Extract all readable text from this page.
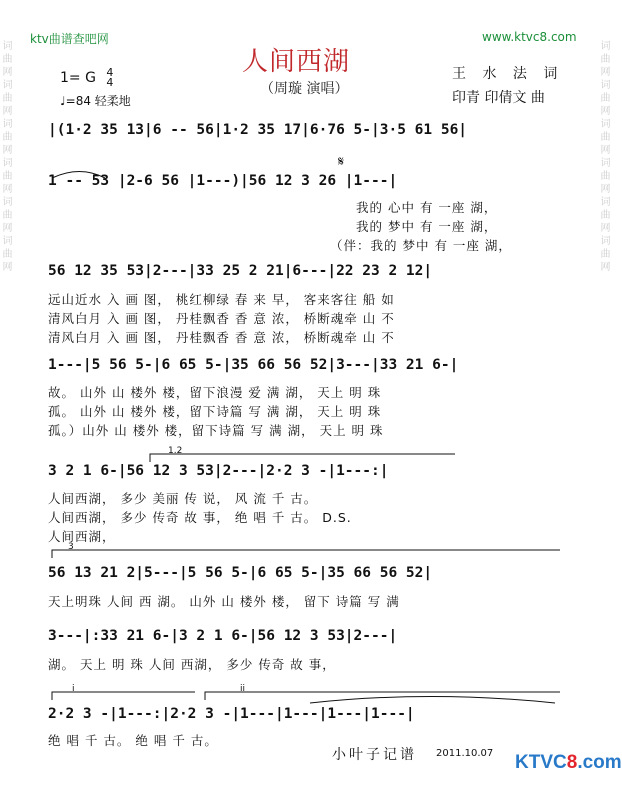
词曲网词曲网词曲网词曲网词曲网词曲网
词曲网词曲网词曲网词曲网词曲网词曲网
ktv曲谱查吧网	www.ktvc8.com
人间西湖
（周璇 演唱）
王 水 法 词
印青 印倩文 曲
1= G 4
4
♩=84 轻柔地
1.2
3
i	ii
𝄋
|(1·2 35 13|6 -- 56|1·2 35 17|6·76 5-|3·5 61 56|
1 -- 53 |2-6 56 |1---)|56 12 3 26 |1---|
我的 心中 有 一座 湖，
我的 梦中 有 一座 湖，
（伴：我的 梦中 有 一座 湖，
56 12 35 53|2---|33 25 2 21|6---|22 23 2 12|
远山近水 入 画 图， 桃红柳绿 春 来 早， 客来客往 船 如
清风白月 入 画 图， 丹桂飘香 香 意 浓， 桥断魂牵 山 不
清风白月 入 画 图， 丹桂飘香 香 意 浓， 桥断魂牵 山 不
1---|5 56 5-|6 65 5-|35 66 56 52|3---|33 21 6-|
故。 山外 山 楼外 楼，留下浪漫 爱 满 湖， 天上 明 珠
孤。 山外 山 楼外 楼，留下诗篇 写 满 湖， 天上 明 珠
孤。）山外 山 楼外 楼，留下诗篇 写 满 湖， 天上 明 珠
3 2 1 6-|56 12 3 53|2---|2·2 3 -|1---:|
人间西湖， 多少 美丽 传 说， 风 流 千 古。
人间西湖， 多少 传奇 故 事， 绝 唱 千 古。 D.S.
人间西湖，
56 13 21 2|5---|5 56 5-|6 65 5-|35 66 56 52|
天上明珠 人间 西 湖。 山外 山 楼外 楼， 留下 诗篇 写 满
3---|:33 21 6-|3 2 1 6-|56 12 3 53|2---|
湖。 天上 明 珠 人间 西湖， 多少 传奇 故 事，
2·2 3 -|1---:|2·2 3 -|1---|1---|1---|1---|
绝 唱 千 古。 绝 唱 千 古。
小叶子记谱 2011.10.07 KTVC8.com
